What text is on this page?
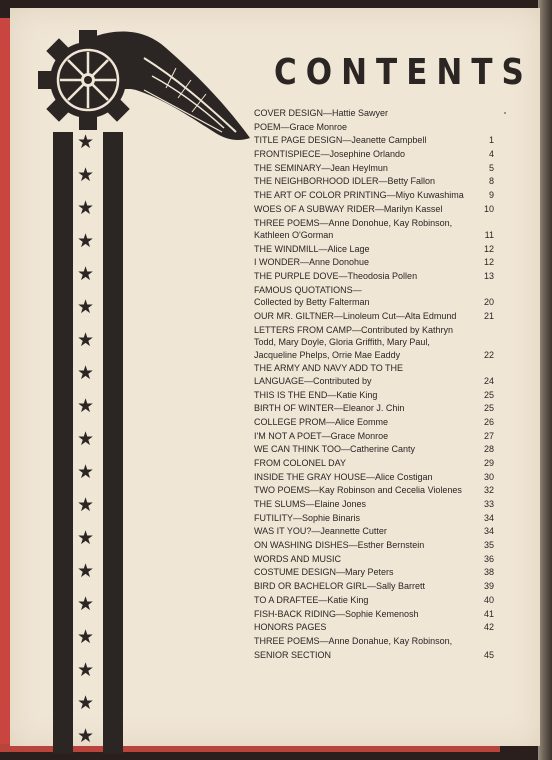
★
★
★
★
★
★
★
★
★
★
★
★
★
★
★
★
★
★
★
CONTENTS
COVER DESIGN—Hattie Sawyer
POEM—Grace Monroe
TITLE PAGE DESIGN—Jeanette Campbell	1
FRONTISPIECE—Josephine Orlando	4
THE SEMINARY—Jean Heylmun	5
THE NEIGHBORHOOD IDLER—Betty Fallon	8
THE ART OF COLOR PRINTING—Miyo Kuwashima	9
WOES OF A SUBWAY RIDER—Marilyn Kassel	10
THREE POEMS—Anne Donohue, Kay Robinson,
Kathleen O'Gorman	11
THE WINDMILL—Alice Lage	12
I WONDER—Anne Donohue	12
THE PURPLE DOVE—Theodosia Pollen	13
FAMOUS QUOTATIONS—
Collected by Betty Falterman	20
OUR MR. GILTNER—Linoleum Cut—Alta Edmund	21
LETTERS FROM CAMP—Contributed by Kathryn
Todd, Mary Doyle, Gloria Griffith, Mary Paul,
Jacqueline Phelps, Orrie Mae Eaddy	22
THE ARMY AND NAVY ADD TO THE
LANGUAGE—Contributed by	24
THIS IS THE END—Katie King	25
BIRTH OF WINTER—Eleanor J. Chin	25
COLLEGE PROM—Alice Eomme	26
I'M NOT A POET—Grace Monroe	27
WE CAN THINK TOO—Catherine Canty	28
FROM COLONEL DAY	29
INSIDE THE GRAY HOUSE—Alice Costigan	30
TWO POEMS—Kay Robinson and Cecelia Violenes	32
THE SLUMS—Elaine Jones	33
FUTILITY—Sophie Binaris	34
WAS IT YOU?—Jeannette Cutter	34
ON WASHING DISHES—Esther Bernstein	35
WORDS AND MUSIC	36
COSTUME DESIGN—Mary Peters	38
BIRD OR BACHELOR GIRL—Sally Barrett	39
TO A DRAFTEE—Katie King	40
FISH-BACK RIDING—Sophie Kemenosh	41
HONORS PAGES	42
THREE POEMS—Anne Donahue, Kay Robinson,
SENIOR SECTION	45
